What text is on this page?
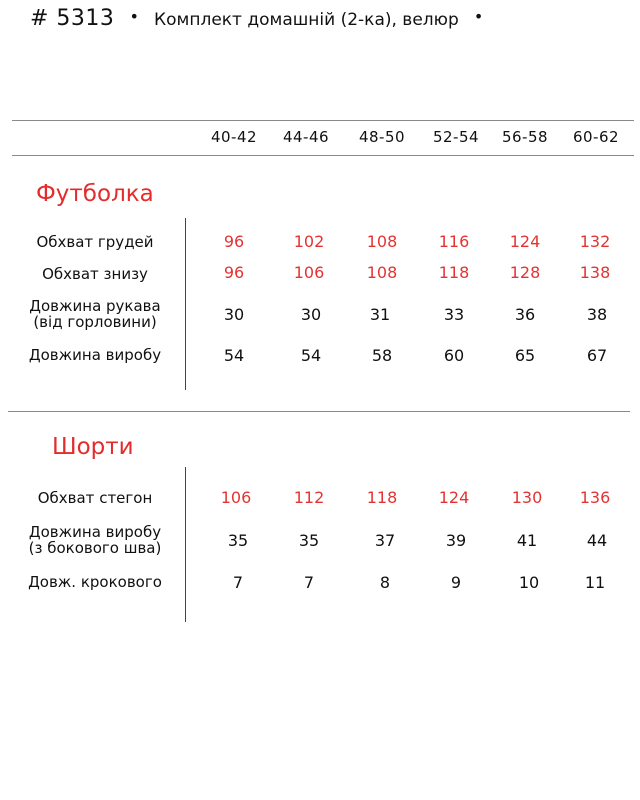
# 5313 • Комплект домашній (2-ка), велюр •
40-42	44-46	48-50	52-54	56-58	60-62
Футболка
Обхват грудей	96	102	108	116	124	132
Обхват знизу	96	106	108	118	128	138
Довжина рукава
(від горловини)	30	30	31	33	36	38
Довжина виробу	54	54	58	60	65	67
Шорти
Обхват стегон	106	112	118	124	130	136
Довжина виробу
(з бокового шва)	35	35	37	39	41	44
Довж. крокового	7	7	8	9	10	11
